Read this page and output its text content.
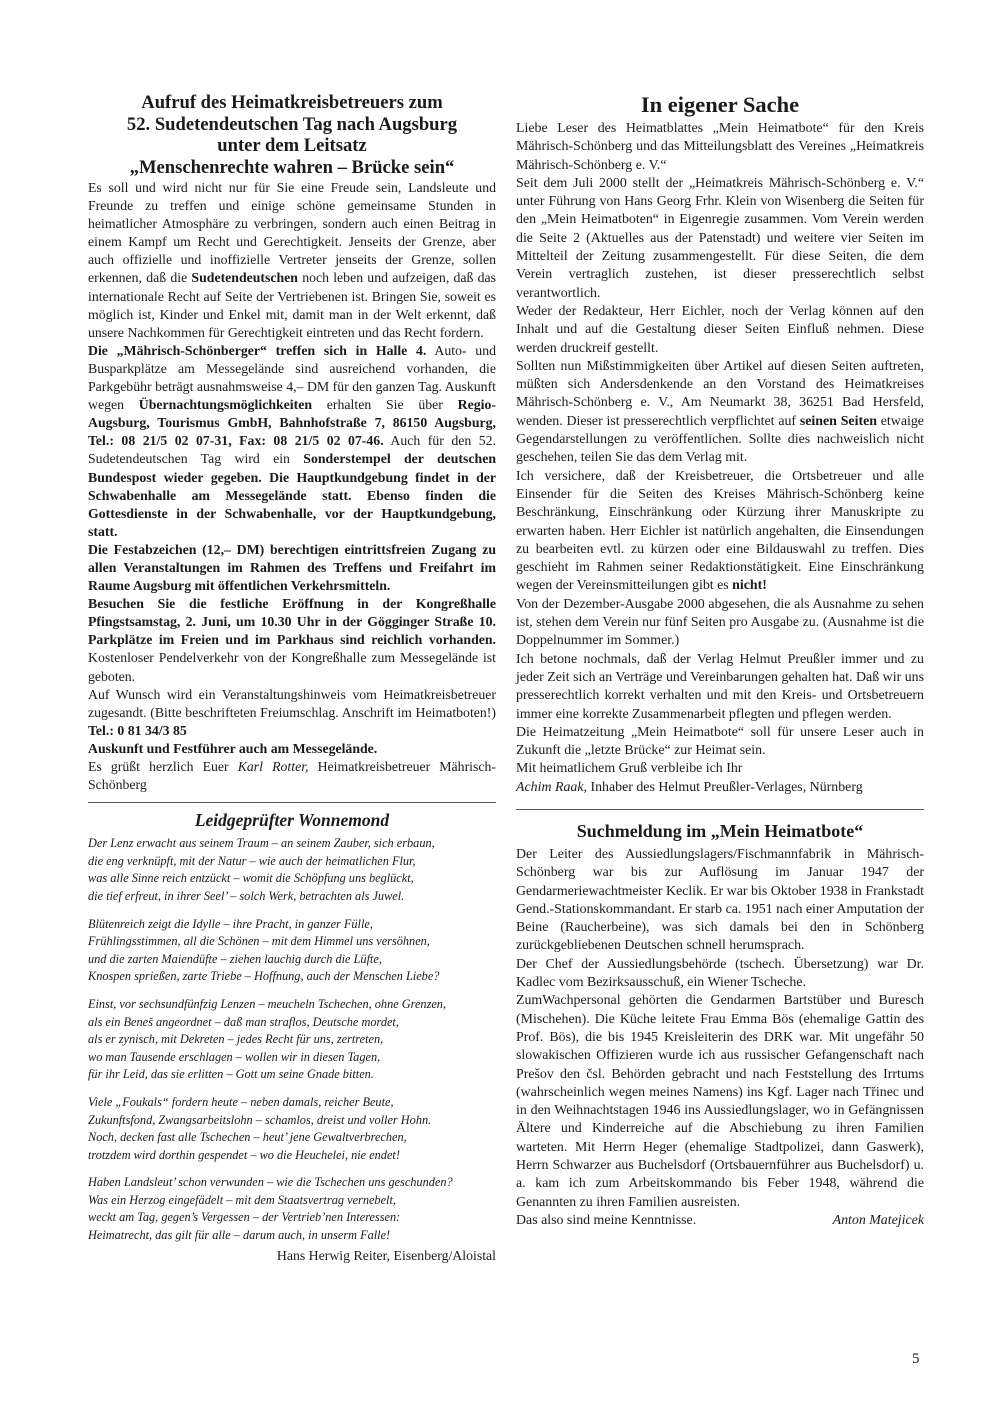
Aufruf des Heimatkreisbetreuers zum
52. Sudetendeutschen Tag nach Augsburg
unter dem Leitsatz
„Menschenrechte wahren – Brücke sein“

Es soll und wird nicht nur für Sie eine Freude sein, Landsleute und Freunde zu treffen und einige schöne gemeinsame Stunden in heimatlicher Atmosphäre zu verbringen, sondern auch einen Beitrag in einem Kampf um Recht und Gerechtigkeit. Jenseits der Grenze, aber auch offizielle und inoffizielle Vertreter jenseits der Grenze, sollen erkennen, daß die Sudetendeutschen noch leben und aufzeigen, daß das internationale Recht auf Seite der Vertriebenen ist. Bringen Sie, soweit es möglich ist, Kinder und Enkel mit, damit man in der Welt erkennt, daß unsere Nachkommen für Gerechtigkeit eintreten und das Recht fordern.

Die „Mährisch-Schönberger“ treffen sich in Halle 4. Auto- und Busparkplätze am Messegelände sind ausreichend vorhanden, die Parkgebühr beträgt ausnahmsweise 4,– DM für den ganzen Tag. Auskunft wegen Übernachtungsmöglichkeiten erhalten Sie über Regio-Augsburg, Tourismus GmbH, Bahnhofstraße 7, 86150 Augsburg, Tel.: 08 21/5 02 07-31, Fax: 08 21/5 02 07-46. Auch für den 52. Sudetendeutschen Tag wird ein Sonderstempel der deutschen Bundespost wieder gegeben. Die Hauptkundgebung findet in der Schwabenhalle am Messegelände statt. Ebenso finden die Gottesdienste in der Schwabenhalle, vor der Hauptkundgebung, statt.

Die Festabzeichen (12,– DM) berechtigen eintrittsfreien Zugang zu allen Veranstaltungen im Rahmen des Treffens und Freifahrt im Raume Augsburg mit öffentlichen Verkehrsmitteln.

Besuchen Sie die festliche Eröffnung in der Kongreßhalle Pfingstsamstag, 2. Juni, um 10.30 Uhr in der Gögginger Straße 10. Parkplätze im Freien und im Parkhaus sind reichlich vorhanden. Kostenloser Pendelverkehr von der Kongreßhalle zum Messegelände ist geboten.

Auf Wunsch wird ein Veranstaltungshinweis vom Heimatkreisbetreuer zugesandt. (Bitte beschrifteten Freiumschlag. Anschrift im Heimatboten!) Tel.: 0 81 34/3 85

Auskunft und Festführer auch am Messegelände.

Es grüßt herzlich Euer Karl Rotter, Heimatkreisbetreuer Mährisch-Schönberg

Leidgeprüfter Wonnemond
Der Lenz erwacht aus seinem Traum – an seinem Zauber, sich erbaun,
die eng verknüpft, mit der Natur – wie auch der heimatlichen Flur,
was alle Sinne reich entzückt – womit die Schöpfung uns beglückt,
die tief erfreut, in ihrer Seel’ – solch Werk, betrachten als Juwel.
Blütenreich zeigt die Idylle – ihre Pracht, in ganzer Fülle,
Frühlingsstimmen, all die Schönen – mit dem Himmel uns versöhnen,
und die zarten Maiendüfte – ziehen lauchig durch die Lüfte,
Knospen sprießen, zarte Triebe – Hoffnung, auch der Menschen Liebe?
Einst, vor sechsundfünfzig Lenzen – meucheln Tschechen, ohne Grenzen,
als ein Beneš angeordnet – daß man straflos, Deutsche mordet,
als er zynisch, mit Dekreten – jedes Recht für uns, zertreten,
wo man Tausende erschlagen – wollen wir in diesen Tagen,
für ihr Leid, das sie erlitten – Gott um seine Gnade bitten.
Viele „Foukals“ fordern heute – neben damals, reicher Beute,
Zukunftsfond, Zwangsarbeitslohn – schamlos, dreist und voller Hohn.
Noch, decken fast alle Tschechen – heut’ jene Gewaltverbrechen,
trotzdem wird dorthin gespendet – wo die Heuchelei, nie endet!
Haben Landsleut’ schon verwunden – wie die Tschechen uns geschunden?
Was ein Herzog eingefädelt – mit dem Staatsvertrag vernebelt,
weckt am Tag, gegen’s Vergessen – der Vertrieb’nen Interessen:
Heimatrecht, das gilt für alle – darum auch, in unserm Falle!
Hans Herwig Reiter, Eisenberg/Aloistal
In eigener Sache

Liebe Leser des Heimatblattes „Mein Heimatbote“ für den Kreis Mährisch-Schönberg und das Mitteilungsblatt des Vereines „Heimatkreis Mährisch-Schönberg e. V.“

Seit dem Juli 2000 stellt der „Heimatkreis Mährisch-Schönberg e. V.“ unter Führung von Hans Georg Frhr. Klein von Wisenberg die Seiten für den „Mein Heimatboten“ in Eigenregie zusammen. Vom Verein werden die Seite 2 (Aktuelles aus der Patenstadt) und weitere vier Seiten im Mittelteil der Zeitung zusammengestellt. Für diese Seiten, die dem Verein vertraglich zustehen, ist dieser presserechtlich selbst verantwortlich.

Weder der Redakteur, Herr Eichler, noch der Verlag können auf den Inhalt und auf die Gestaltung dieser Seiten Einfluß nehmen. Diese werden druckreif gestellt.

Sollten nun Mißstimmigkeiten über Artikel auf diesen Seiten auftreten, müßten sich Andersdenkende an den Vorstand des Heimatkreises Mährisch-Schönberg e. V., Am Neumarkt 38, 36251 Bad Hersfeld, wenden. Dieser ist presserechtlich verpflichtet auf seinen Seiten etwaige Gegendarstellungen zu veröffentlichen. Sollte dies nachweislich nicht geschehen, teilen Sie das dem Verlag mit.

Ich versichere, daß der Kreisbetreuer, die Ortsbetreuer und alle Einsender für die Seiten des Kreises Mährisch-Schönberg keine Beschränkung, Einschränkung oder Kürzung ihrer Manuskripte zu erwarten haben. Herr Eichler ist natürlich angehalten, die Einsendungen zu bearbeiten evtl. zu kürzen oder eine Bildauswahl zu treffen. Dies geschieht im Rahmen seiner Redaktionstätigkeit. Eine Einschränkung wegen der Vereinsmitteilungen gibt es nicht!

Von der Dezember-Ausgabe 2000 abgesehen, die als Ausnahme zu sehen ist, stehen dem Verein nur fünf Seiten pro Ausgabe zu. (Ausnahme ist die Doppelnummer im Sommer.)

Ich betone nochmals, daß der Verlag Helmut Preußler immer und zu jeder Zeit sich an Verträge und Vereinbarungen gehalten hat. Daß wir uns presserechtlich korrekt verhalten und mit den Kreis- und Ortsbetreuern immer eine korrekte Zusammenarbeit pflegten und pflegen werden.

Die Heimatzeitung „Mein Heimatbote“ soll für unsere Leser auch in Zukunft die „letzte Brücke“ zur Heimat sein.

Mit heimatlichem Gruß verbleibe ich Ihr

Achim Raak, Inhaber des Helmut Preußler-Verlages, Nürnberg

Suchmeldung im „Mein Heimatbote“

Der Leiter des Aussiedlungslagers/Fischmannfabrik in Mährisch-Schönberg war bis zur Auflösung im Januar 1947 der Gendarmeriewachtmeister Keclik. Er war bis Oktober 1938 in Frankstadt Gend.-Stationskommandant. Er starb ca. 1951 nach einer Amputation der Beine (Raucherbeine), was sich damals bei den in Schönberg zurückgebliebenen Deutschen schnell herumsprach.

Der Chef der Aussiedlungsbehörde (tschech. Übersetzung) war Dr. Kadlec vom Bezirksausschuß, ein Wiener Tscheche.

ZumWachpersonal gehörten die Gendarmen Bartstüber und Buresch (Mischehen). Die Küche leitete Frau Emma Bös (ehemalige Gattin des Prof. Bös), die bis 1945 Kreisleiterin des DRK war. Mit ungefähr 50 slowakischen Offizieren wurde ich aus russischer Gefangenschaft nach Prešov den čsl. Behörden gebracht und nach Feststellung des Irrtums (wahrscheinlich wegen meines Namens) ins Kgf. Lager nach Třinec und in den Weihnachtstagen 1946 ins Aussiedlungslager, wo in Gefängnissen Ältere und Kinderreiche auf die Abschiebung zu ihren Familien warteten. Mit Herrn Heger (ehemalige Stadtpolizei, dann Gaswerk), Herrn Schwarzer aus Buchelsdorf (Ortsbauernführer aus Buchelsdorf) u. a. kam ich zum Arbeitskommando bis Feber 1948, während die Genannten zu ihren Familien ausreisten.

Das also sind meine Kenntnisse.	Anton Matejicek

5
